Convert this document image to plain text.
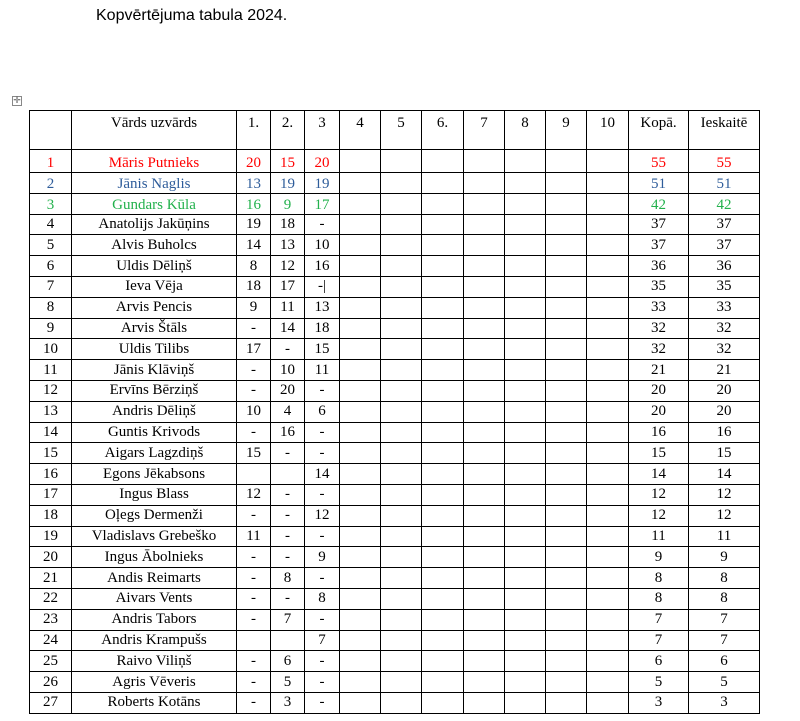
Kopvērtējuma tabula 2024.
✛
	Vārds uzvārds	1.	2.	3	4	5	6.	7	8	9	10	Kopā.	Ieskaitē
1	Māris Putnieks	20	15	20								55	55
2	Jānis Naglis	13	19	19								51	51
3	Gundars Kūla	16	9	17								42	42
4	Anatolijs Jakūņins	19	18	-								37	37
5	Alvis Buholcs	14	13	10								37	37
6	Uldis Dēliņš	8	12	16								36	36
7	Ieva Vēja	18	17	-|								35	35
8	Arvis Pencis	9	11	13								33	33
9	Arvis Štāls	-	14	18								32	32
10	Uldis Tilibs	17	-	15								32	32
11	Jānis Klāviņš	-	10	11								21	21
12	Ervīns Bērziņš	-	20	-								20	20
13	Andris Dēliņš	10	4	6								20	20
14	Guntis Krivods	-	16	-								16	16
15	Aigars Lagzdiņš	15	-	-								15	15
16	Egons Jēkabsons			14								14	14
17	Ingus Blass	12	-	-								12	12
18	Oļegs Dermenži	-	-	12								12	12
19	Vladislavs Grebeško	11	-	-								11	11
20	Ingus Ābolnieks	-	-	9								9	9
21	Andis Reimarts	-	8	-								8	8
22	Aivars Vents	-	-	8								8	8
23	Andris Tabors	-	7	-								7	7
24	Andris Krampušs			7								7	7
25	Raivo Viliņš	-	6	-								6	6
26	Agris Vēveris	-	5	-								5	5
27	Roberts Kotāns	-	3	-								3	3
